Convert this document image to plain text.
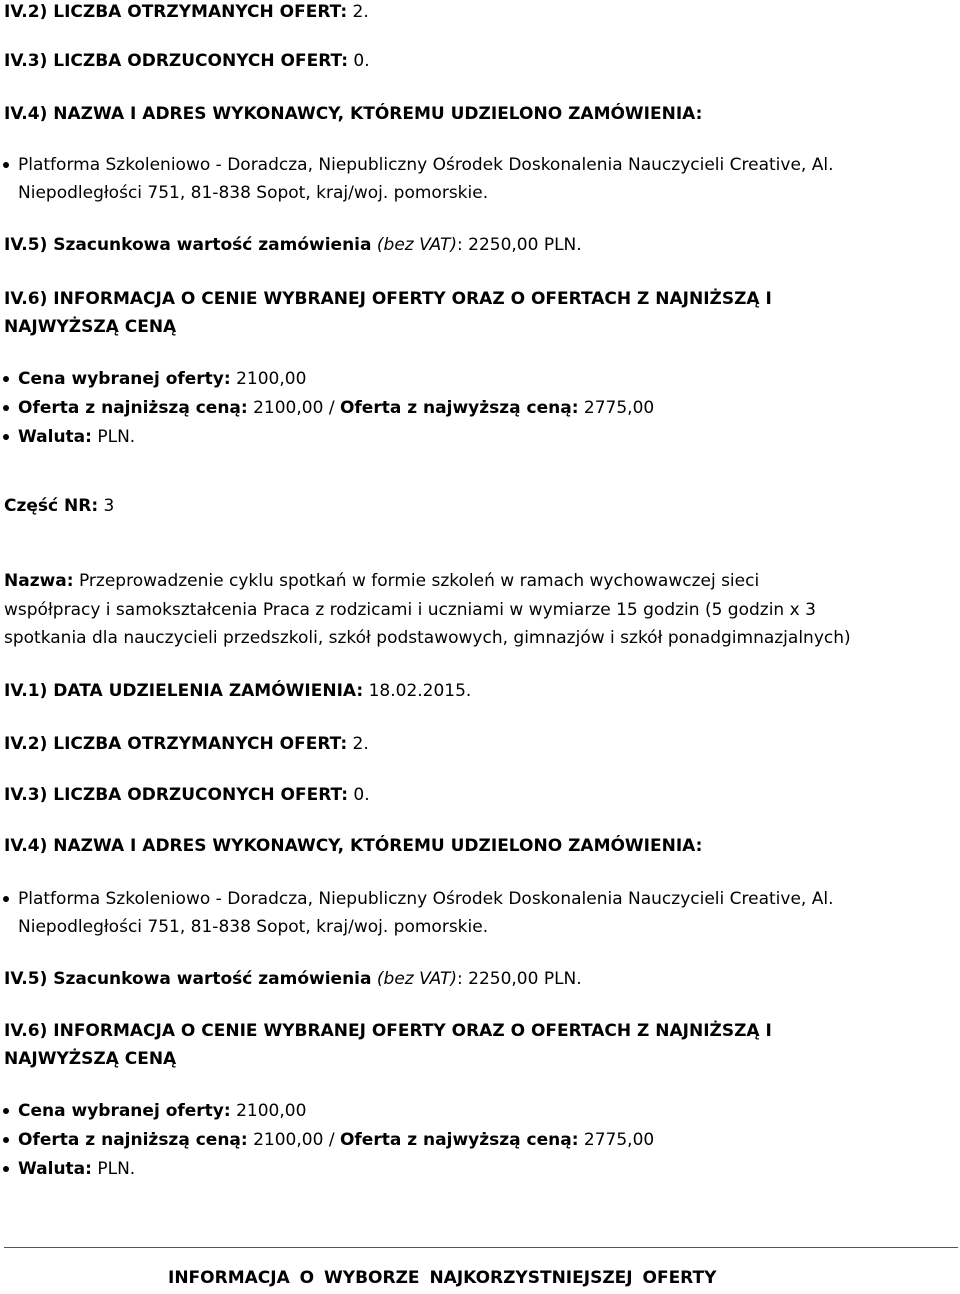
IV.2) LICZBA OTRZYMANYCH OFERT: 2.
IV.3) LICZBA ODRZUCONYCH OFERT: 0.
IV.4) NAZWA I ADRES WYKONAWCY, KTÓREMU UDZIELONO ZAMÓWIENIA:
Platforma Szkoleniowo - Doradcza, Niepubliczny Ośrodek Doskonalenia Nauczycieli Creative, Al.
Niepodległości 751, 81-838 Sopot, kraj/woj. pomorskie.
IV.5) Szacunkowa wartość zamówienia (bez VAT): 2250,00 PLN.
IV.6) INFORMACJA O CENIE WYBRANEJ OFERTY ORAZ O OFERTACH Z NAJNIŻSZĄ I
NAJWYŻSZĄ CENĄ
Cena wybranej oferty: 2100,00
Oferta z najniższą ceną: 2100,00 / Oferta z najwyższą ceną: 2775,00
Waluta: PLN.
Część NR: 3
Nazwa: Przeprowadzenie cyklu spotkań w formie szkoleń w ramach wychowawczej sieci
współpracy i samokształcenia Praca z rodzicami i uczniami w wymiarze 15 godzin (5 godzin x 3
spotkania dla nauczycieli przedszkoli, szkół podstawowych, gimnazjów i szkół ponadgimnazjalnych)
IV.1) DATA UDZIELENIA ZAMÓWIENIA: 18.02.2015.
IV.2) LICZBA OTRZYMANYCH OFERT: 2.
IV.3) LICZBA ODRZUCONYCH OFERT: 0.
IV.4) NAZWA I ADRES WYKONAWCY, KTÓREMU UDZIELONO ZAMÓWIENIA:
Platforma Szkoleniowo - Doradcza, Niepubliczny Ośrodek Doskonalenia Nauczycieli Creative, Al.
Niepodległości 751, 81-838 Sopot, kraj/woj. pomorskie.
IV.5) Szacunkowa wartość zamówienia (bez VAT): 2250,00 PLN.
IV.6) INFORMACJA O CENIE WYBRANEJ OFERTY ORAZ O OFERTACH Z NAJNIŻSZĄ I
NAJWYŻSZĄ CENĄ
Cena wybranej oferty: 2100,00
Oferta z najniższą ceną: 2100,00 / Oferta z najwyższą ceną: 2775,00
Waluta: PLN.
INFORMACJA O WYBORZE NAJKORZYSTNIEJSZEJ OFERTY
